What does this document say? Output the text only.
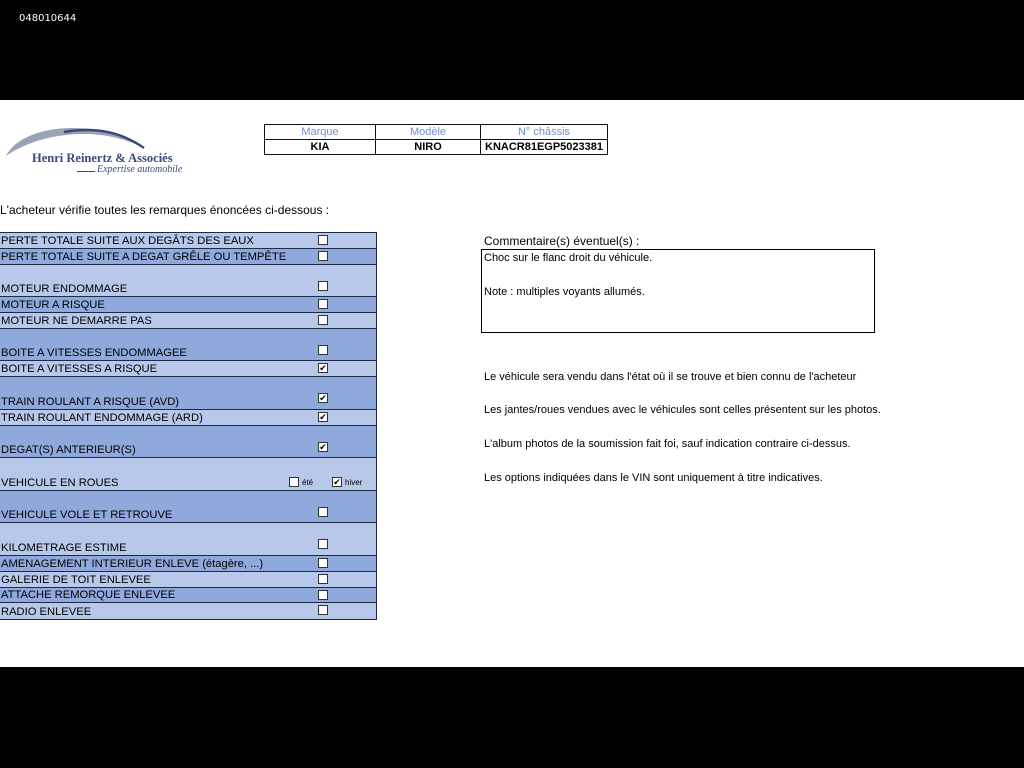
048010644
Henri Reinertz & Associés
Expertise automobile
Marque	Modèle	N° châssis
KIA	NIRO	KNACR81EGP5023381
L'acheteur vérifie toutes les remarques énoncées ci-dessous :
PERTE TOTALE SUITE AUX DEGÂTS DES EAUX
PERTE TOTALE SUITE A DEGAT GRÊLE OU TEMPÊTE
MOTEUR ENDOMMAGE
MOTEUR A RISQUE
MOTEUR NE DEMARRE PAS
BOITE A VITESSES ENDOMMAGEE
BOITE A VITESSES A RISQUE	✔
TRAIN ROULANT A RISQUE (AVD)	✔
TRAIN ROULANT ENDOMMAGE (ARD)	✔
DEGAT(S) ANTERIEUR(S)	✔
VEHICULE EN ROUES	été ✔ hiver
VEHICULE VOLE ET RETROUVE
KILOMETRAGE ESTIME
AMENAGEMENT INTERIEUR ENLEVE (étagère, ...)
GALERIE DE TOIT ENLEVEE
ATTACHE REMORQUE ENLEVEE
RADIO ENLEVEE
Commentaire(s) éventuel(s) :
Choc sur le flanc droit du véhicule.
Note : multiples voyants allumés.
Le véhicule sera vendu dans l'état où il se trouve et bien connu de l'acheteur
Les jantes/roues vendues avec le véhicules sont celles présentent sur les photos.
L'album photos de la soumission fait foi, sauf indication contraire ci-dessus.
Les options indiquées dans le VIN sont uniquement à titre indicatives.
